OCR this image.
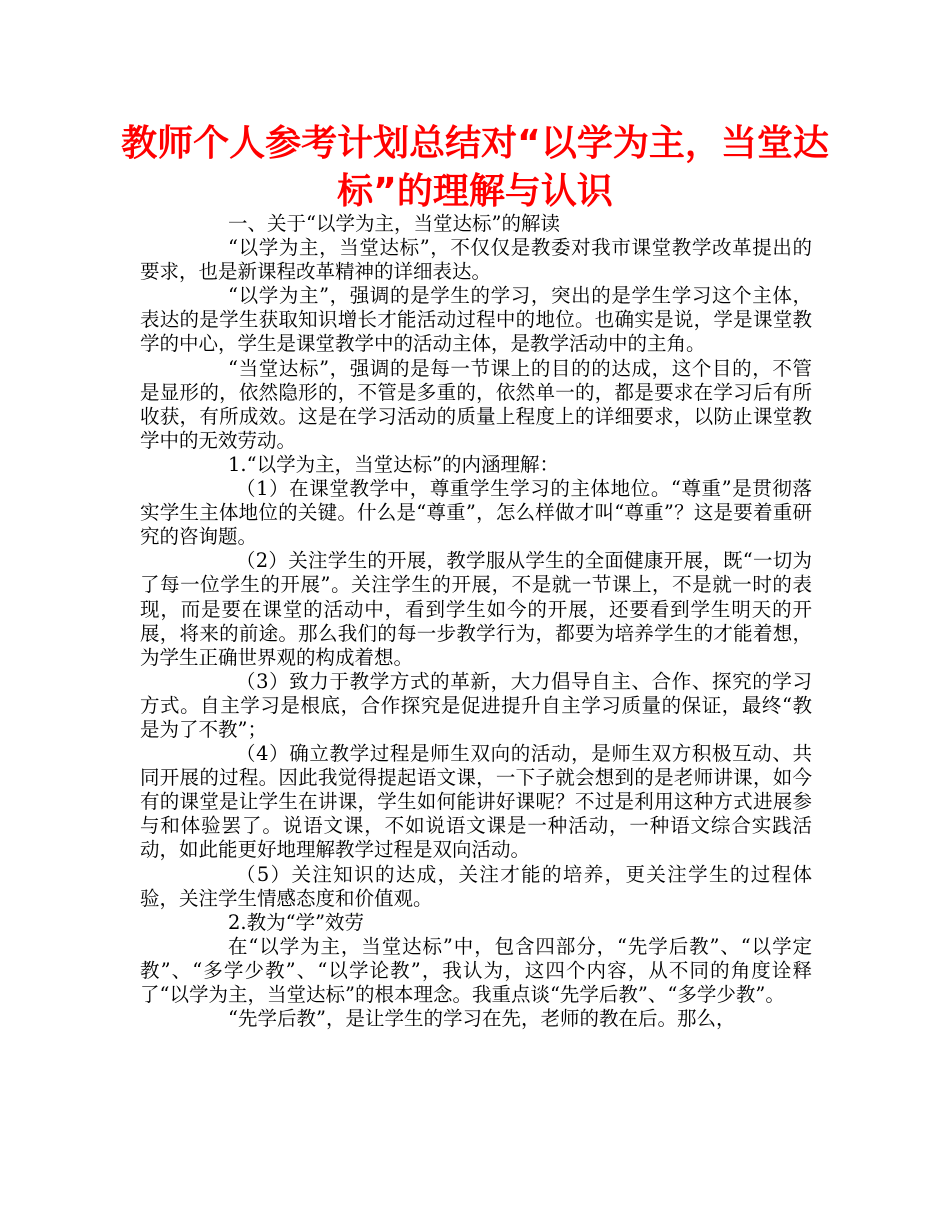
教师个人参考计划总结对“以学为主，当堂达标”的理解与认识

一、关于“以学为主，当堂达标”的解读

“以学为主，当堂达标”，不仅仅是教委对我市课堂教学改革提出的要求，也是新课程改革精神的详细表达。

“以学为主”，强调的是学生的学习，突出的是学生学习这个主体，表达的是学生获取知识增长才能活动过程中的地位。也确实是说，学是课堂教学的中心，学生是课堂教学中的活动主体，是教学活动中的主角。

“当堂达标”，强调的是每一节课上的目的的达成，这个目的，不管是显形的，依然隐形的，不管是多重的，依然单一的，都是要求在学习后有所收获，有所成效。这是在学习活动的质量上程度上的详细要求，以防止课堂教学中的无效劳动。

1.“以学为主，当堂达标”的内涵理解：

（1）在课堂教学中，尊重学生学习的主体地位。“尊重”是贯彻落实学生主体地位的关键。什么是“尊重”，怎么样做才叫“尊重”？这是要着重研究的咨询题。

（2）关注学生的开展，教学服从学生的全面健康开展，既“一切为了每一位学生的开展”。关注学生的开展，不是就一节课上，不是就一时的表现，而是要在课堂的活动中，看到学生如今的开展，还要看到学生明天的开展，将来的前途。那么我们的每一步教学行为，都要为培养学生的才能着想，为学生正确世界观的构成着想。

（3）致力于教学方式的革新，大力倡导自主、合作、探究的学习方式。自主学习是根底，合作探究是促进提升自主学习质量的保证，最终“教是为了不教”；

（4）确立教学过程是师生双向的活动，是师生双方积极互动、共同开展的过程。因此我觉得提起语文课，一下子就会想到的是老师讲课，如今有的课堂是让学生在讲课，学生如何能讲好课呢？不过是利用这种方式进展参与和体验罢了。说语文课，不如说语文课是一种活动，一种语文综合实践活动，如此能更好地理解教学过程是双向活动。

（5）关注知识的达成，关注才能的培养，更关注学生的过程体验，关注学生情感态度和价值观。

2.教为“学”效劳

在“以学为主，当堂达标”中，包含四部分，“先学后教”、“以学定教”、“多学少教”、“以学论教”，我认为，这四个内容，从不同的角度诠释了“以学为主，当堂达标”的根本理念。我重点谈“先学后教”、“多学少教”。

“先学后教”，是让学生的学习在先，老师的教在后。那么，
